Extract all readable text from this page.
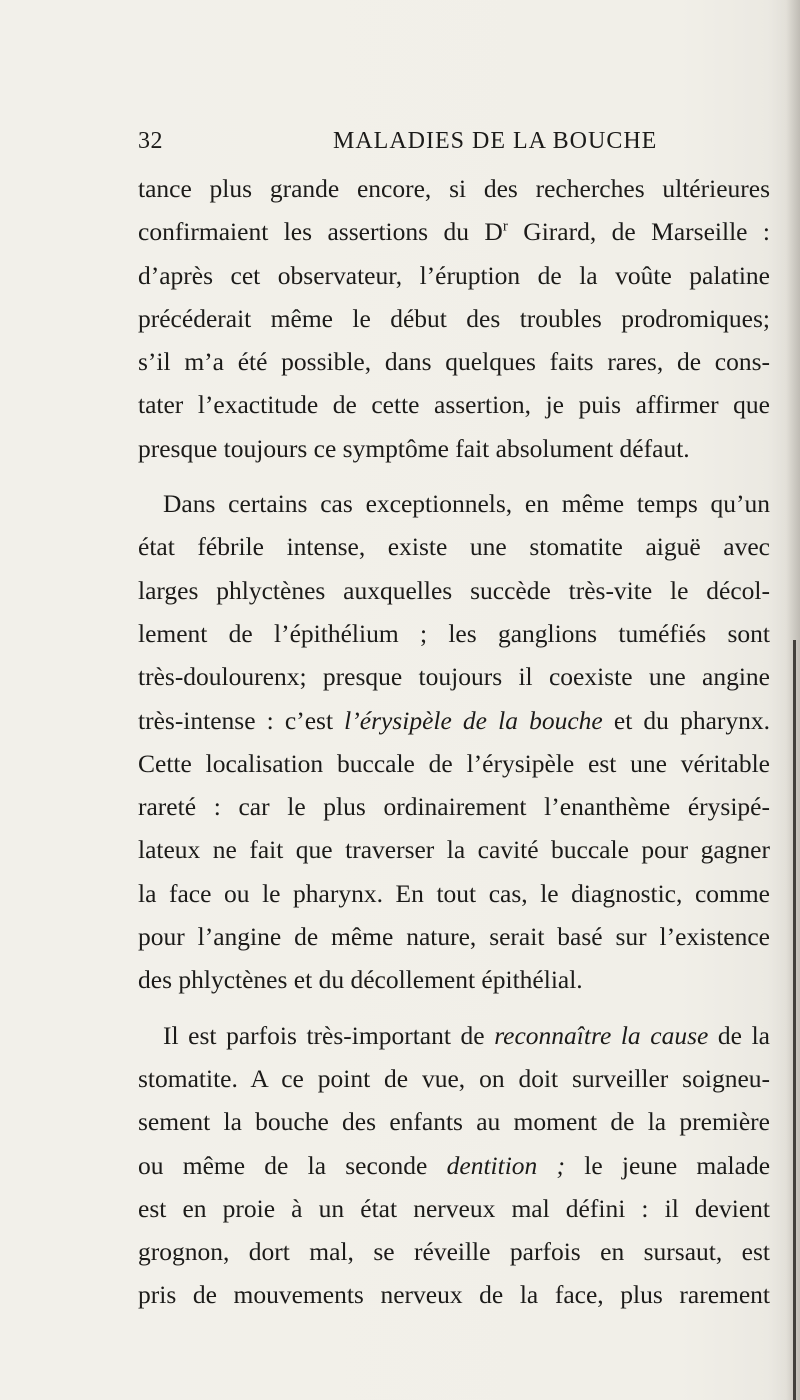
32	MALADIES DE LA BOUCHE
tance plus grande encore, si des recherches ultérieures
confirmaient les assertions du $D^r$ Girard, de Marseille :
d’après cet observateur, l’éruption de la voûte palatine
précéderait même le début des troubles prodromiques;
s’il m’a été possible, dans quelques faits rares, de cons-
tater l’exactitude de cette assertion, je puis affirmer que
presque toujours ce symptôme fait absolument défaut.
Dans certains cas exceptionnels, en même temps qu’un
état fébrile intense, existe une stomatite aiguë avec
larges phlyctènes auxquelles succède très-vite le décol-
lement de l’épithélium ; les ganglions tuméfiés sont
très-doulourenx; presque toujours il coexiste une angine
très-intense : c’est l’érysipèle de la bouche et du pharynx.
Cette localisation buccale de l’érysipèle est une véritable
rareté : car le plus ordinairement l’enanthème érysipé-
lateux ne fait que traverser la cavité buccale pour gagner
la face ou le pharynx. En tout cas, le diagnostic, comme
pour l’angine de même nature, serait basé sur l’existence
des phlyctènes et du décollement épithélial.
Il est parfois très-important de reconnaître la cause de la
stomatite. A ce point de vue, on doit surveiller soigneu-
sement la bouche des enfants au moment de la première
ou même de la seconde dentition ; le jeune malade
est en proie à un état nerveux mal défini : il devient
grognon, dort mal, se réveille parfois en sursaut, est
pris de mouvements nerveux de la face, plus rarement
